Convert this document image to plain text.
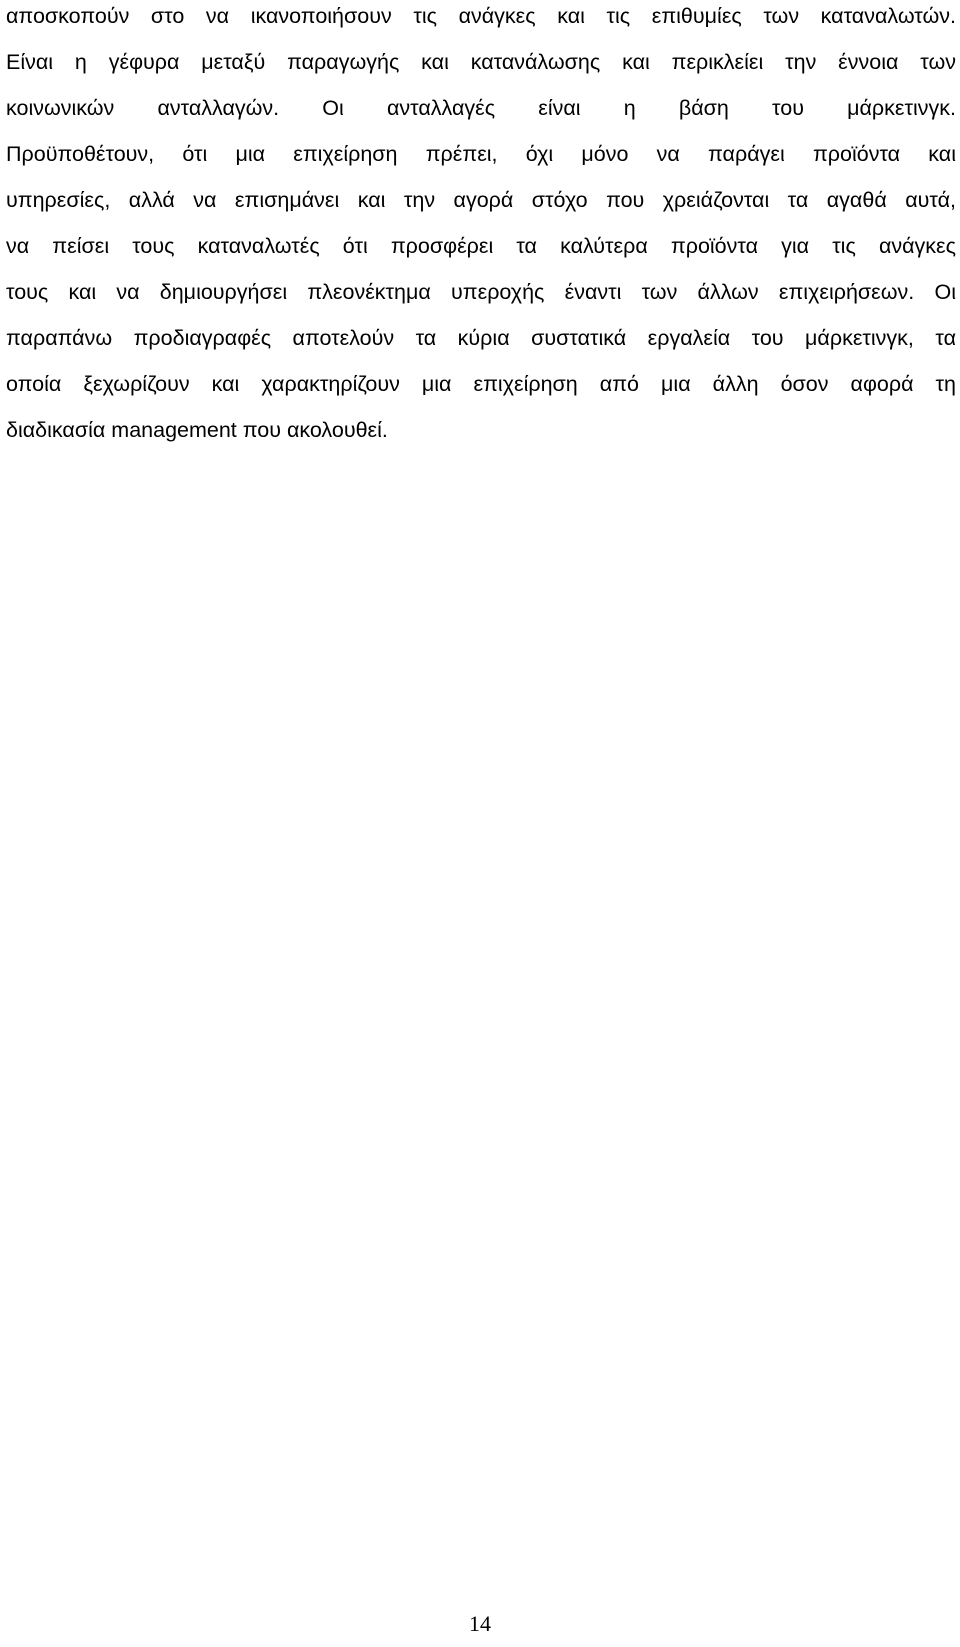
αποσκοπούν στο να ικανοποιήσουν τις ανάγκες και τις επιθυμίες των καταναλωτών.
Είναι η γέφυρα μεταξύ παραγωγής και κατανάλωσης και περικλείει την έννοια των
κοινωνικών ανταλλαγών. Οι ανταλλαγές είναι η βάση του μάρκετινγκ.
Προϋποθέτουν, ότι μια επιχείρηση πρέπει, όχι μόνο να παράγει προϊόντα και
υπηρεσίες, αλλά να επισημάνει και την αγορά στόχο που χρειάζονται τα αγαθά αυτά,
να πείσει τους καταναλωτές ότι προσφέρει τα καλύτερα προϊόντα για τις ανάγκες
τους και να δημιουργήσει πλεονέκτημα υπεροχής έναντι των άλλων επιχειρήσεων. Οι
παραπάνω προδιαγραφές αποτελούν τα κύρια συστατικά εργαλεία του μάρκετινγκ, τα
οποία ξεχωρίζουν και χαρακτηρίζουν μια επιχείρηση από μια άλλη όσον αφορά τη
διαδικασία management που ακολουθεί.
14
